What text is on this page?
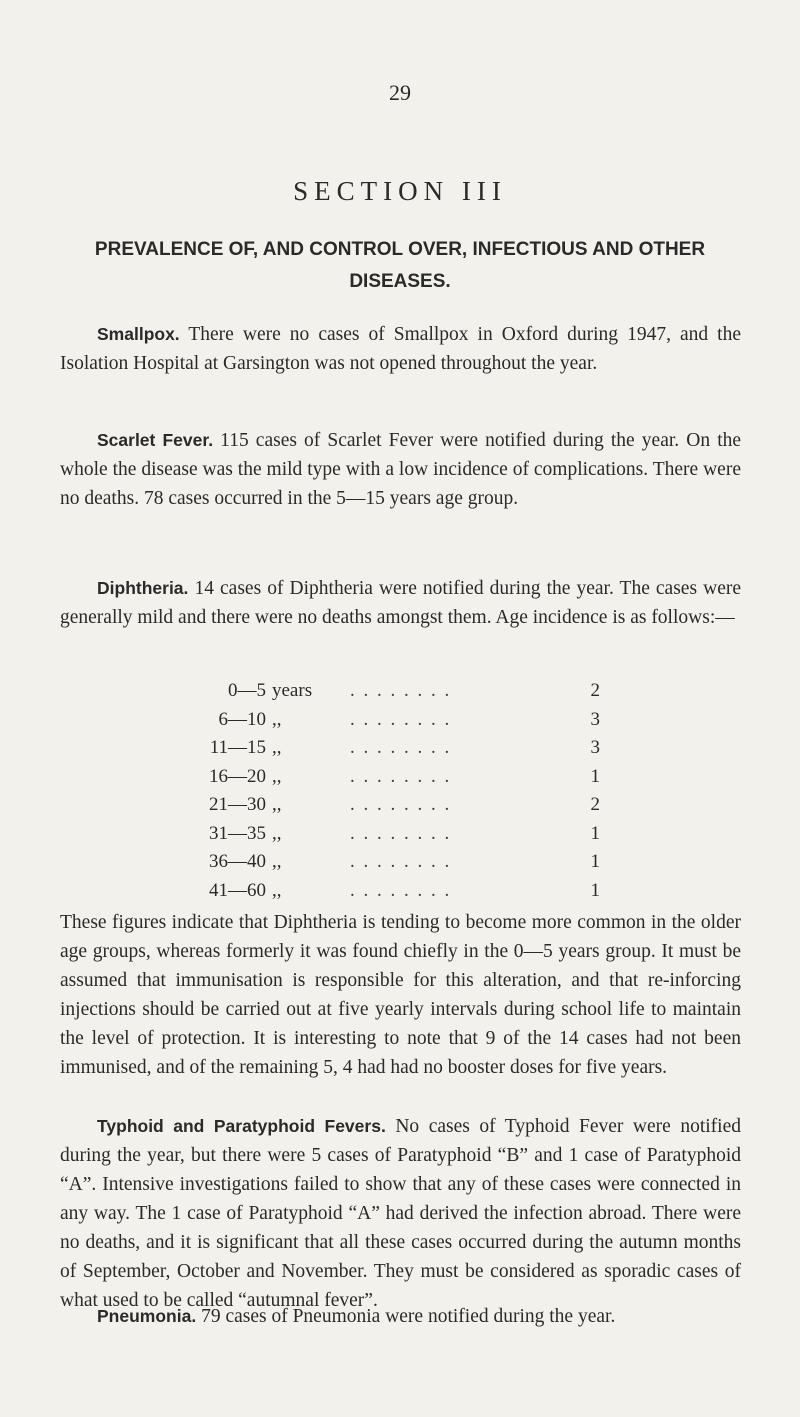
29
SECTION III
PREVALENCE OF, AND CONTROL OVER, INFECTIOUS AND OTHER DISEASES.

Smallpox. There were no cases of Smallpox in Oxford during 1947, and the Isolation Hospital at Garsington was not opened throughout the year.

Scarlet Fever. 115 cases of Scarlet Fever were notified during the year. On the whole the disease was the mild type with a low incidence of complications. There were no deaths. 78 cases occurred in the 5—15 years age group.

Diphtheria. 14 cases of Diphtheria were notified during the year. The cases were generally mild and there were no deaths amongst them. Age incidence is as follows:—

0—5 years . . . . . . . .	2
6—10 ,,	. . . . . . . .	3
11—15 ,,	. . . . . . . .	3
16—20 ,,	. . . . . . . .	1
21—30 ,,	. . . . . . . .	2
31—35 ,,	. . . . . . . .	1
36—40 ,,	. . . . . . . .	1
41—60 ,,	. . . . . . . .	1

These figures indicate that Diphtheria is tending to become more common in the older age groups, whereas formerly it was found chiefly in the 0—5 years group. It must be assumed that immunisation is responsible for this alteration, and that re-inforcing injections should be carried out at five yearly intervals during school life to maintain the level of protection. It is interesting to note that 9 of the 14 cases had not been immunised, and of the remaining 5, 4 had had no booster doses for five years.

Typhoid and Paratyphoid Fevers. No cases of Typhoid Fever were notified during the year, but there were 5 cases of Paratyphoid “B” and 1 case of Paratyphoid “A”. Intensive investigations failed to show that any of these cases were connected in any way. The 1 case of Paratyphoid “A” had derived the infection abroad. There were no deaths, and it is significant that all these cases occurred during the autumn months of September, October and November. They must be considered as sporadic cases of what used to be called “autumnal fever”.

Pneumonia. 79 cases of Pneumonia were notified during the year.
